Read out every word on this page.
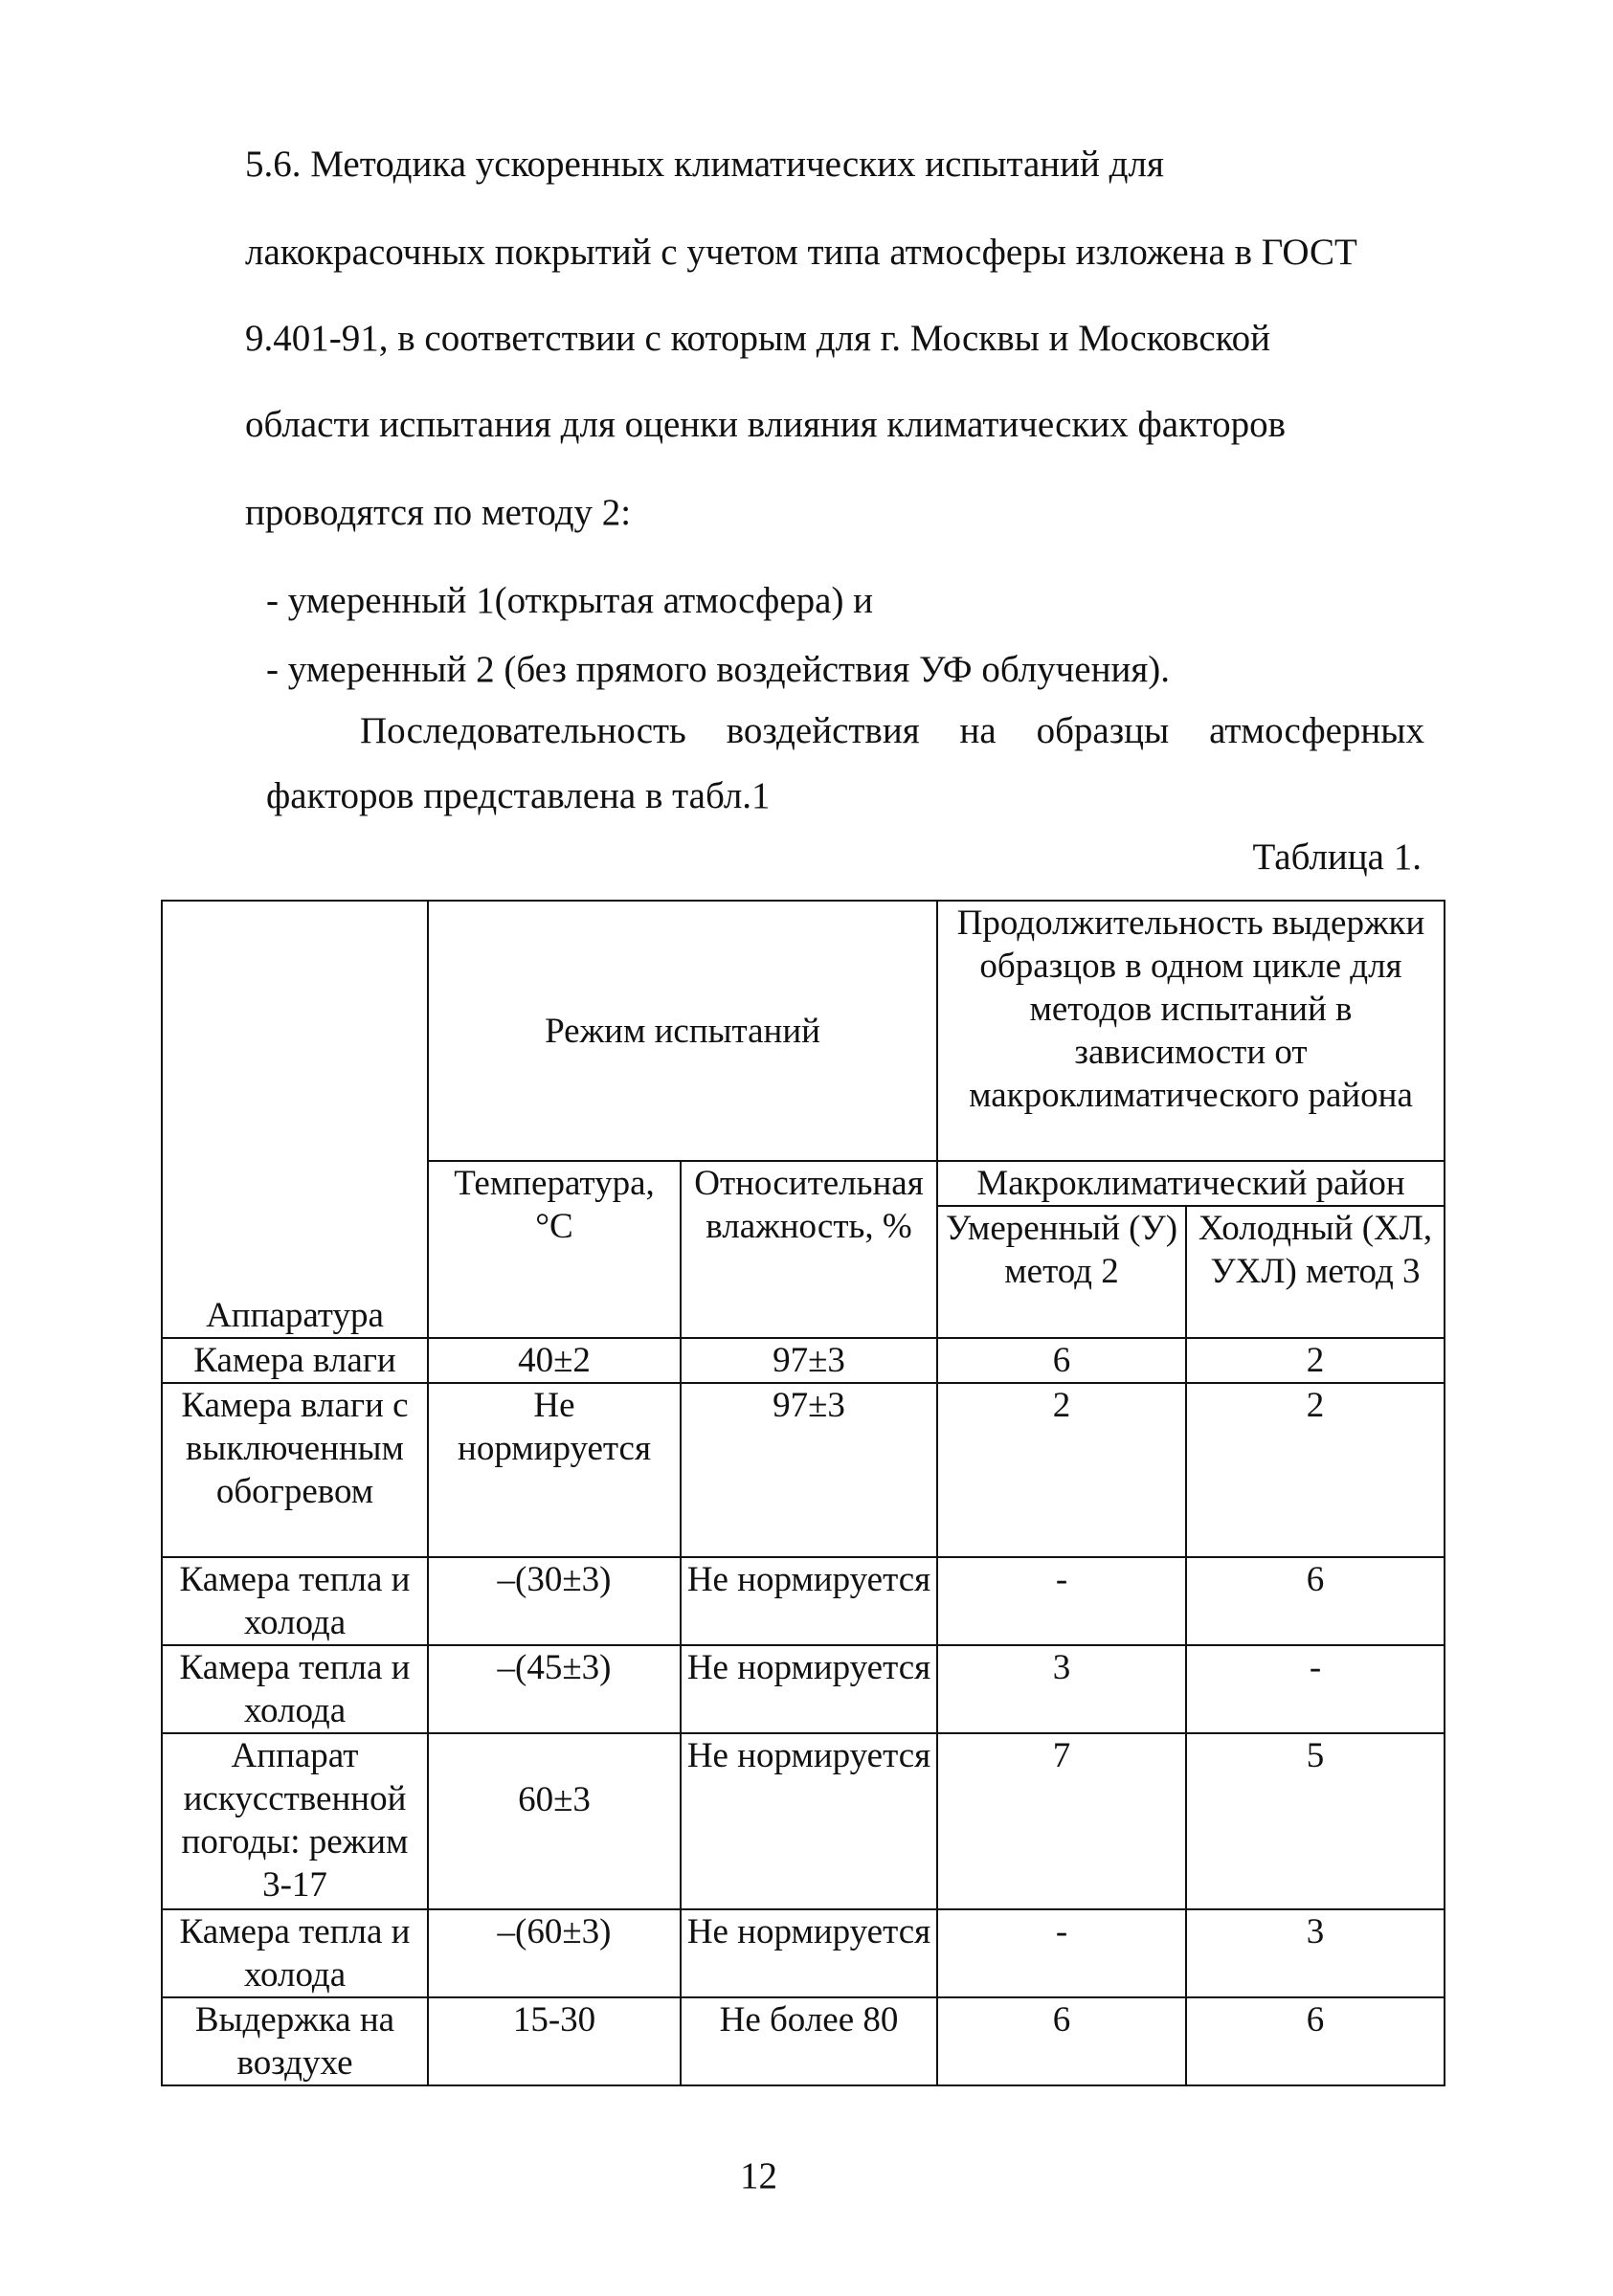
5.6. Методика ускоренных климатических испытаний для
лакокрасочных покрытий с учетом типа атмосферы изложена в ГОСТ
9.401-91, в соответствии с которым для г. Москвы и Московской
области испытания для оценки влияния климатических факторов
проводятся по методу 2:
- умеренный 1(открытая атмосфера) и
- умеренный 2 (без прямого воздействия УФ облучения).
Последовательность воздействия на образцы атмосферных
факторов представлена в табл.1
Таблица 1.
Аппаратура	Режим испытаний		Продолжительность выдержки образцов в одном цикле для методов испытаний в зависимости от макроклиматического района	
	Температура, °С	Относительная влажность, %	Макроклиматический район	
			Умеренный (У) метод 2	Холодный (ХЛ, УХЛ) метод 3
Камера влаги	40±2	97±3	6	2
Камера влаги с выключенным обогревом	Не нормируется	97±3	2	2
Камера тепла и холода	–(30±3)	Не нормируется	-	6
Камера тепла и холода	–(45±3)	Не нормируется	3	-
Аппарат искусственной погоды: режим 3-17	60±3	Не нормируется	7	5
Камера тепла и холода	–(60±3)	Не нормируется	-	3
Выдержка на воздухе	15-30	Не более 80	6	6
12
